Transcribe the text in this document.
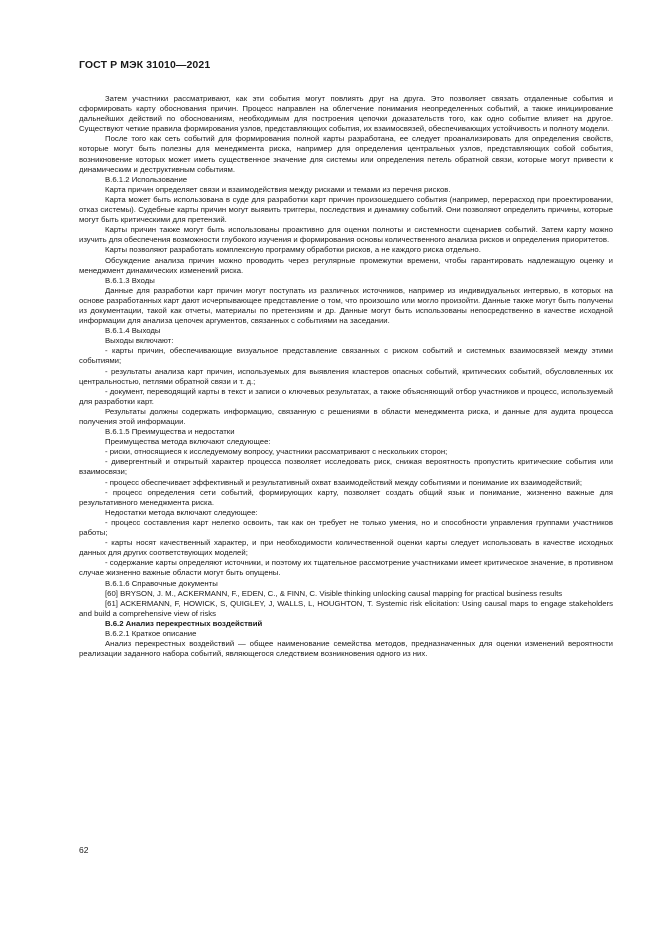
ГОСТ Р МЭК 31010—2021

Затем участники рассматривают, как эти события могут повлиять друг на друга. Это позволяет связать отдаленные события и сформировать карту обоснования причин. Процесс направлен на облегчение понимания неопределенных событий, а также инициирование дальнейших действий по обоснованиям, необходимым для построения цепочки доказательств того, как одно событие влияет на другое. Существуют четкие правила формирования узлов, представляющих события, их взаимосвязей, обеспечивающих устойчивость и полноту модели.

После того как сеть событий для формирования полной карты разработана, ее следует проанализировать для определения свойств, которые могут быть полезны для менеджмента риска, например для определения центральных узлов, представляющих собой события, возникновение которых может иметь существенное значение для системы или определения петель обратной связи, которые могут привести к динамическим и деструктивным событиям.

В.6.1.2 Использование

Карта причин определяет связи и взаимодействия между рисками и темами из перечня рисков.

Карта может быть использована в суде для разработки карт причин произошедшего события (например, перерасход при проектировании, отказ системы). Судебные карты причин могут выявить триггеры, последствия и динамику событий. Они позволяют определить причины, которые могут быть критическими для претензий.

Карты причин также могут быть использованы проактивно для оценки полноты и системности сценариев событий. Затем карту можно изучить для обеспечения возможности глубокого изучения и формирования основы количественного анализа рисков и определения приоритетов.

Карты позволяют разработать комплексную программу обработки рисков, а не каждого риска отдельно.

Обсуждение анализа причин можно проводить через регулярные промежутки времени, чтобы гарантировать надлежащую оценку и менеджмент динамических изменений риска.

В.6.1.3 Входы

Данные для разработки карт причин могут поступать из различных источников, например из индивидуальных интервью, в которых на основе разработанных карт дают исчерпывающее представление о том, что произошло или могло произойти. Данные также могут быть получены из документации, такой как отчеты, материалы по претензиям и др. Данные могут быть использованы непосредственно в качестве исходной информации для анализа цепочек аргументов, связанных с событиями на заседании.

В.6.1.4 Выходы

Выходы включают:

- карты причин, обеспечивающие визуальное представление связанных с риском событий и системных взаимосвязей между этими событиями;

- результаты анализа карт причин, используемых для выявления кластеров опасных событий, критических событий, обусловленных их центральностью, петлями обратной связи и т. д.;

- документ, переводящий карты в текст и записи о ключевых результатах, а также объясняющий отбор участников и процесс, используемый для разработки карт.

Результаты должны содержать информацию, связанную с решениями в области менеджмента риска, и данные для аудита процесса получения этой информации.

В.6.1.5 Преимущества и недостатки

Преимущества метода включают следующее:

- риски, относящиеся к исследуемому вопросу, участники рассматривают с нескольких сторон;

- дивергентный и открытый характер процесса позволяет исследовать риск, снижая вероятность пропустить критические события или взаимосвязи;

- процесс обеспечивает эффективный и результативный охват взаимодействий между событиями и понимание их взаимодействий;

- процесс определения сети событий, формирующих карту, позволяет создать общий язык и понимание, жизненно важные для результативного менеджмента риска.

Недостатки метода включают следующее:

- процесс составления карт нелегко освоить, так как он требует не только умения, но и способности управления группами участников работы;

- карты носят качественный характер, и при необходимости количественной оценки карты следует использовать в качестве исходных данных для других соответствующих моделей;

- содержание карты определяют источники, и поэтому их тщательное рассмотрение участниками имеет критическое значение, в противном случае жизненно важные области могут быть опущены.

В.6.1.6 Справочные документы

[60] BRYSON, J. M., ACKERMANN, F., EDEN, C., & FINN, C. Visible thinking unlocking causal mapping for practical business results

[61] ACKERMANN, F, HOWICK, S, QUIGLEY, J, WALLS, L, HOUGHTON, T. Systemic risk elicitation: Using causal maps to engage stakeholders and build a comprehensive view of risks

В.6.2 Анализ перекрестных воздействий

В.6.2.1 Краткое описание

Анализ перекрестных воздействий — общее наименование семейства методов, предназначенных для оценки изменений вероятности реализации заданного набора событий, являющегося следствием возникновения одного из них.

62
